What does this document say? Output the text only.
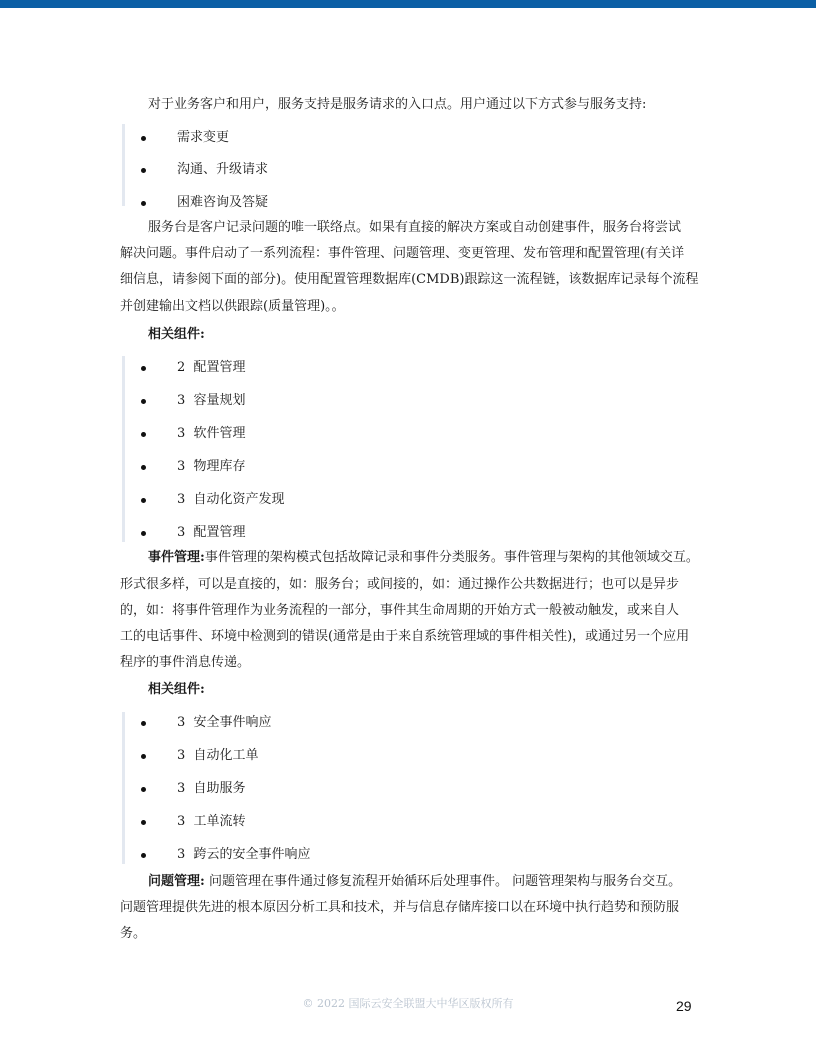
对于业务客户和用户，服务支持是服务请求的入口点。用户通过以下方式参与服务支持:

需求变更
沟通、升级请求
困难咨询及答疑

服务台是客户记录问题的唯一联络点。如果有直接的解决方案或自动创建事件，服务台将尝试

解决问题。事件启动了一系列流程：事件管理、问题管理、变更管理、发布管理和配置管理(有关详

细信息，请参阅下面的部分)。使用配置管理数据库(CMDB)跟踪这一流程链，该数据库记录每个流程

并创建输出文档以供跟踪(质量管理)。。

相关组件:

2 配置管理
3 容量规划
3 软件管理
3 物理库存
3 自动化资产发现
3 配置管理

事件管理:事件管理的架构模式包括故障记录和事件分类服务。事件管理与架构的其他领域交互。

形式很多样，可以是直接的，如：服务台；或间接的，如：通过操作公共数据进行；也可以是异步

的，如：将事件管理作为业务流程的一部分，事件其生命周期的开始方式一般被动触发，或来自人

工的电话事件、环境中检测到的错误(通常是由于来自系统管理域的事件相关性)，或通过另一个应用

程序的事件消息传递。

相关组件:

3 安全事件响应
3 自动化工单
3 自助服务
3 工单流转
3 跨云的安全事件响应

问题管理: 问题管理在事件通过修复流程开始循环后处理事件。 问题管理架构与服务台交互。

问题管理提供先进的根本原因分析工具和技术，并与信息存储库接口以在环境中执行趋势和预防服

务。

© 2022 国际云安全联盟大中华区版权所有	29
